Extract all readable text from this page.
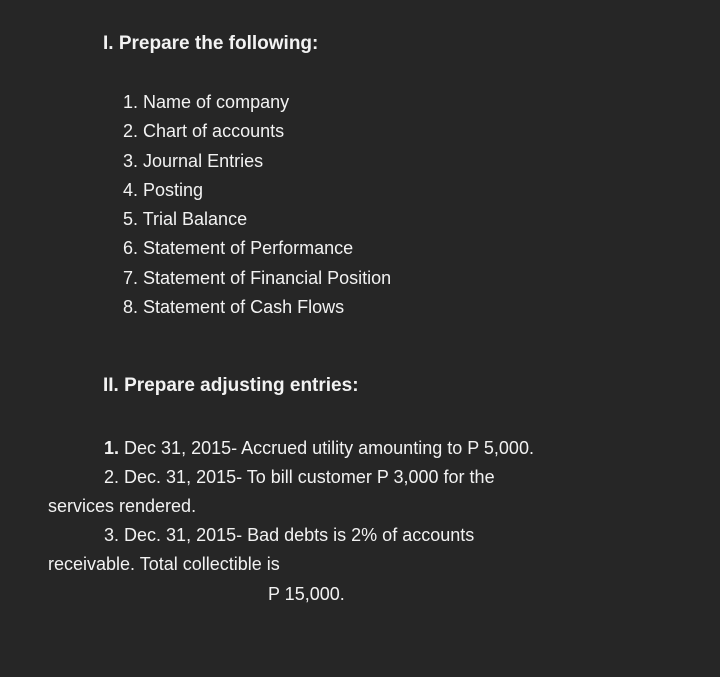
I. Prepare the following:
1. Name of company
2. Chart of accounts
3. Journal Entries
4. Posting
5. Trial Balance
6. Statement of Performance
7. Statement of Financial Position
8. Statement of Cash Flows
II. Prepare adjusting entries:
1. Dec 31, 2015- Accrued utility amounting to P 5,000.
2. Dec. 31, 2015- To bill customer P 3,000 for the
services rendered.
3. Dec. 31, 2015- Bad debts is 2% of accounts
receivable. Total collectible is
P 15,000.
